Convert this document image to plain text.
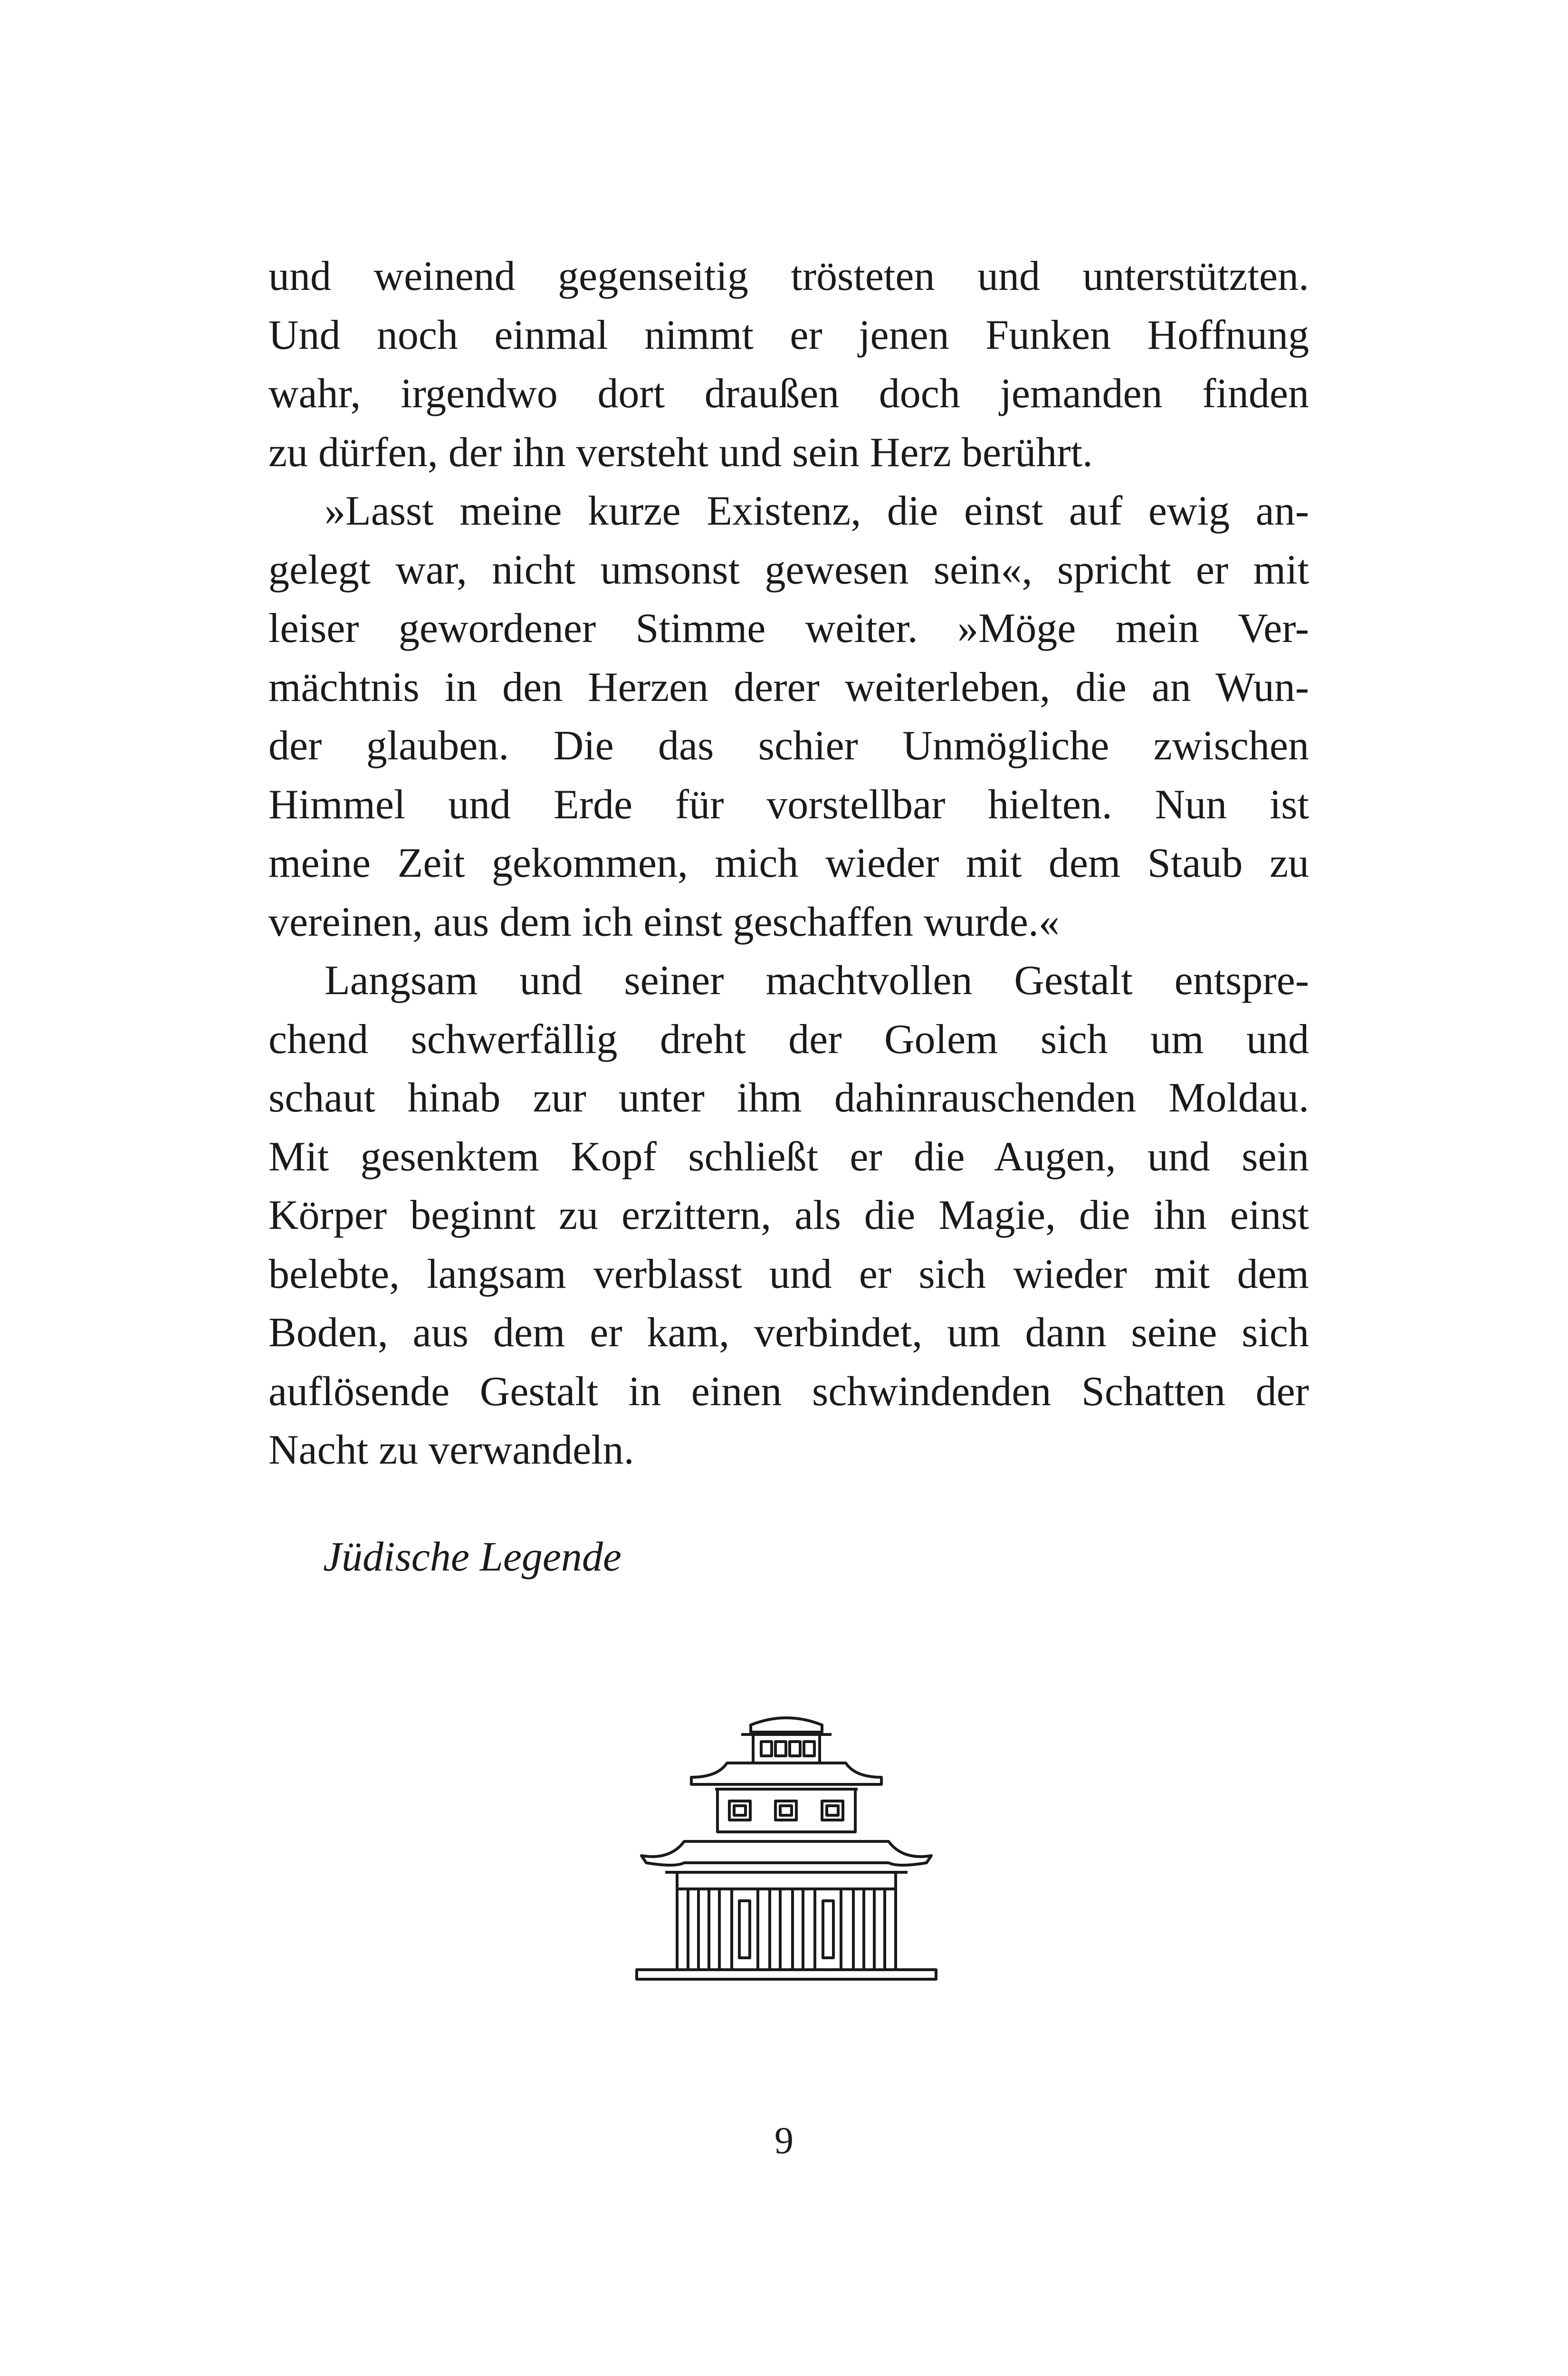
und weinend gegenseitig trösteten und unterstützten.
Und noch einmal nimmt er jenen Funken Hoffnung
wahr, irgendwo dort draußen doch jemanden finden
zu dürfen, der ihn versteht und sein Herz berührt.
»Lasst meine kurze Existenz, die einst auf ewig an-
gelegt war, nicht umsonst gewesen sein«, spricht er mit
leiser gewordener Stimme weiter. »Möge mein Ver-
mächtnis in den Herzen derer weiterleben, die an Wun-
der glauben. Die das schier Unmögliche zwischen
Himmel und Erde für vorstellbar hielten. Nun ist
meine Zeit gekommen, mich wieder mit dem Staub zu
vereinen, aus dem ich einst geschaffen wurde.«
Langsam und seiner machtvollen Gestalt entspre-
chend schwerfällig dreht der Golem sich um und
schaut hinab zur unter ihm dahinrauschenden Moldau.
Mit gesenktem Kopf schließt er die Augen, und sein
Körper beginnt zu erzittern, als die Magie, die ihn einst
belebte, langsam verblasst und er sich wieder mit dem
Boden, aus dem er kam, verbindet, um dann seine sich
auflösende Gestalt in einen schwindenden Schatten der
Nacht zu verwandeln.
Jüdische Legende
9
